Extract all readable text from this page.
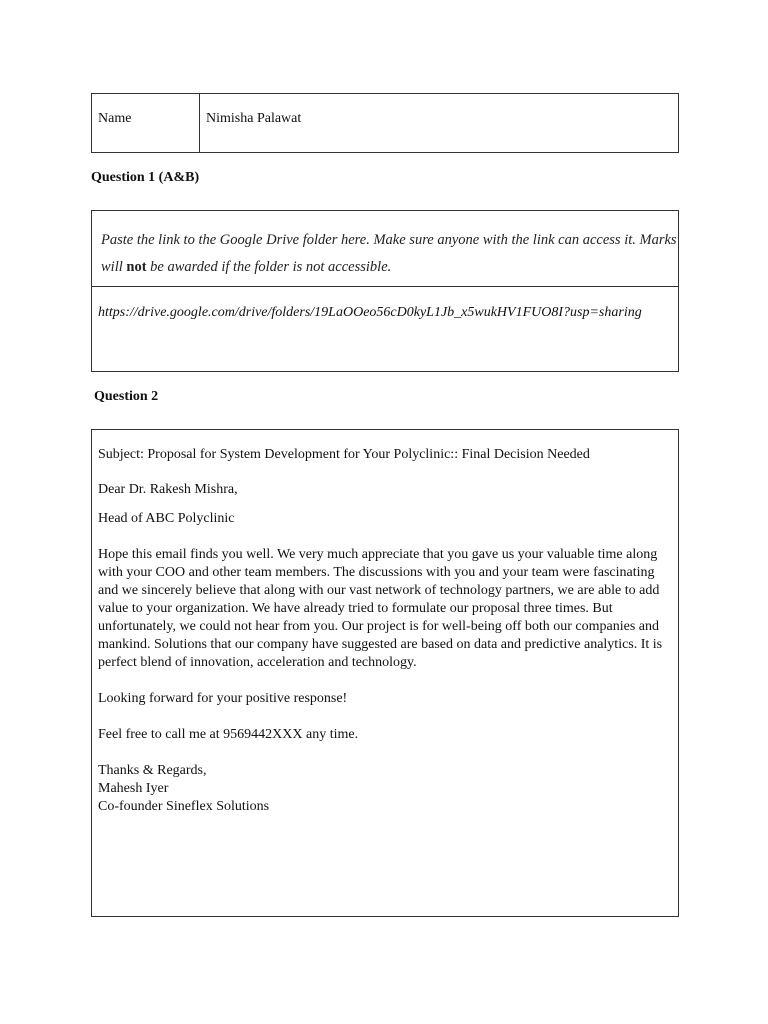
Name	Nimisha Palawat
Question 1 (A&B)
Paste the link to the Google Drive folder here. Make sure anyone with the link can access it. Marks will not be awarded if the folder is not accessible.
https://drive.google.com/drive/folders/19LaOOeo56cD0kyL1Jb_x5wukHV1FUO8I?usp=sharing
Question 2

Subject: Proposal for System Development for Your Polyclinic:: Final Decision Needed

Dear Dr. Rakesh Mishra,

Head of ABC Polyclinic

Hope this email finds you well. We very much appreciate that you gave us your valuable time along with your COO and other team members. The discussions with you and your team were fascinating and we sincerely believe that along with our vast network of technology partners, we are able to add value to your organization. We have already tried to formulate our proposal three times. But unfortunately, we could not hear from you. Our project is for well-being off both our companies and mankind. Solutions that our company have suggested are based on data and predictive analytics. It is perfect blend of innovation, acceleration and technology.

Looking forward for your positive response!

Feel free to call me at 9569442XXX any time.

Thanks & Regards,

Mahesh Iyer

Co-founder Sineflex Solutions
